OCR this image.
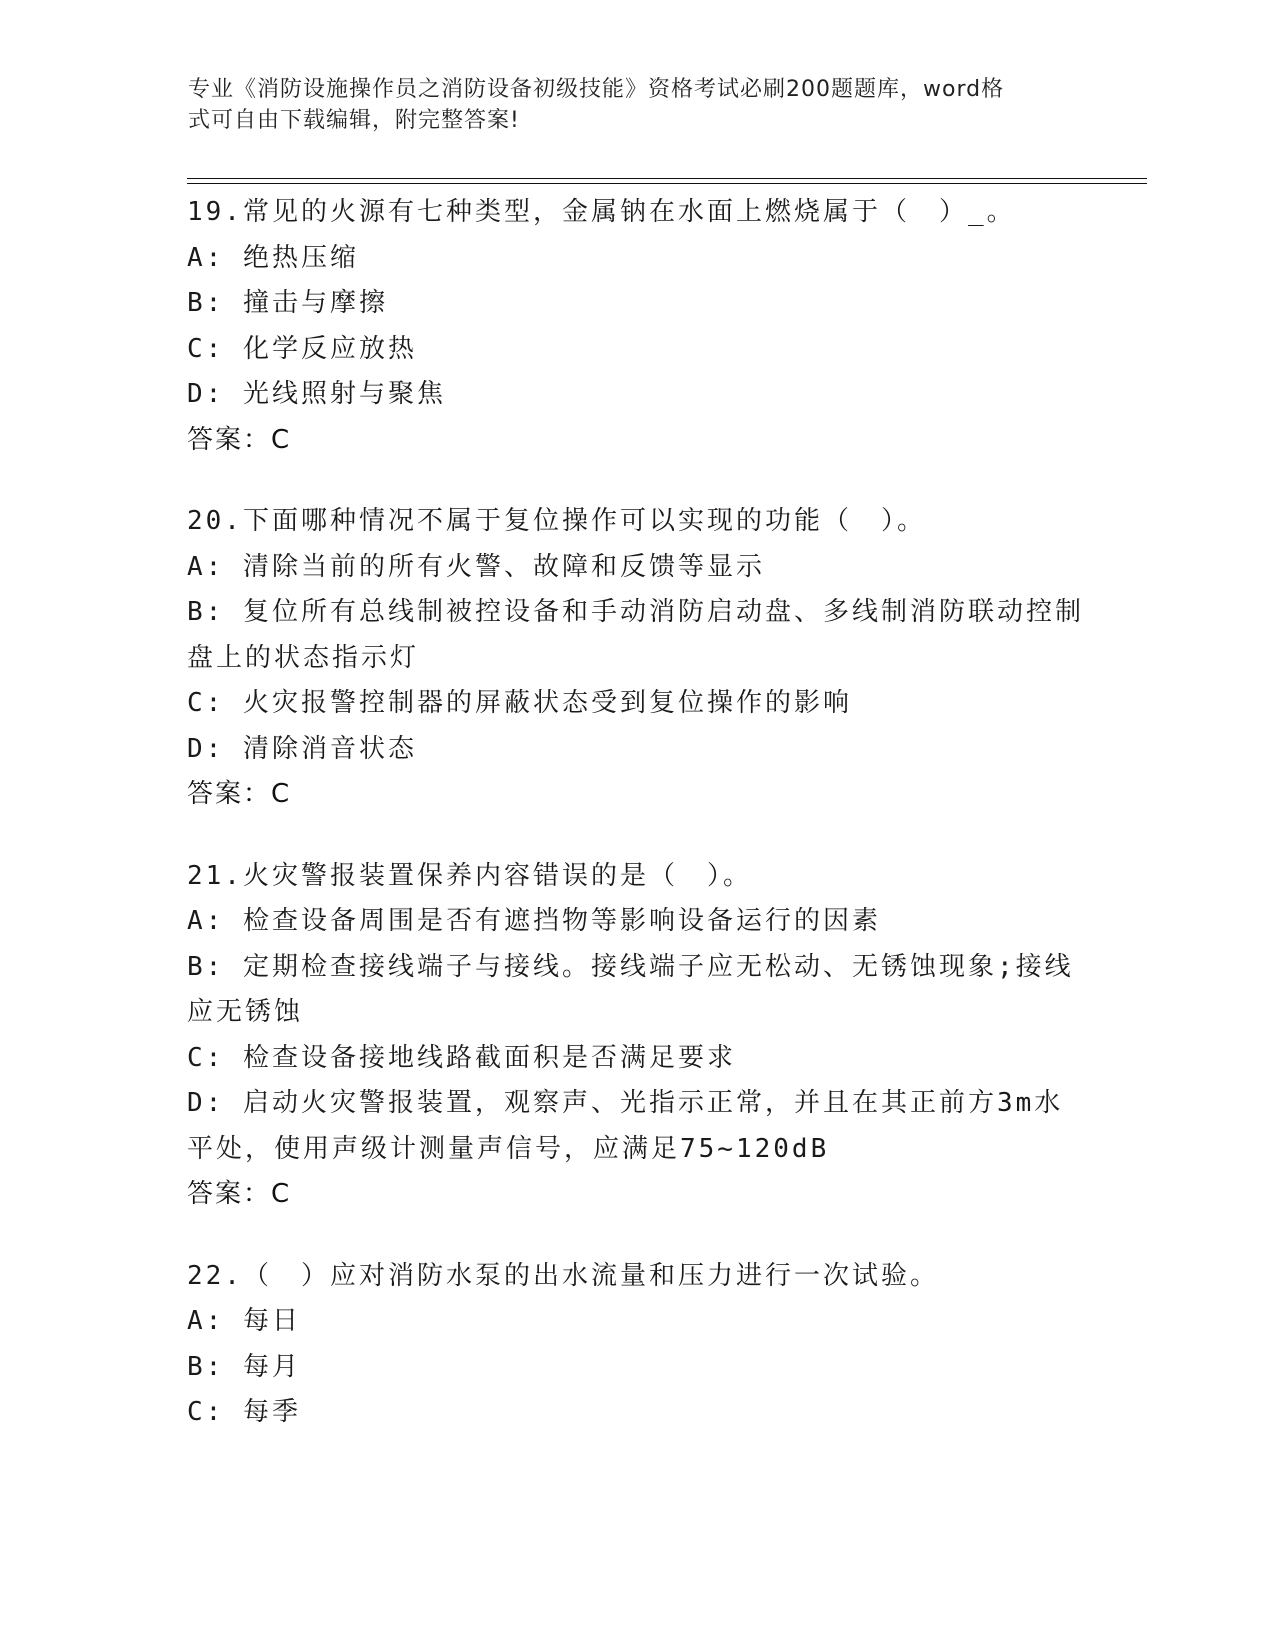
专业《消防设施操作员之消防设备初级技能》资格考试必刷200题题库，word格
式可自由下载编辑，附完整答案!
19.常见的火源有七种类型，金属钠在水面上燃烧属于（　）_。
A: 绝热压缩
B: 撞击与摩擦
C: 化学反应放热
D: 光线照射与聚焦
答案：C
20.下面哪种情况不属于复位操作可以实现的功能（　）。
A: 清除当前的所有火警、故障和反馈等显示
B: 复位所有总线制被控设备和手动消防启动盘、多线制消防联动控制盘上的状态指示灯
C: 火灾报警控制器的屏蔽状态受到复位操作的影响
D: 清除消音状态
答案：C
21.火灾警报装置保养内容错误的是（　）。
A: 检查设备周围是否有遮挡物等影响设备运行的因素
B: 定期检查接线端子与接线。接线端子应无松动、无锈蚀现象;接线应无锈蚀
C: 检查设备接地线路截面积是否满足要求
D: 启动火灾警报装置，观察声、光指示正常，并且在其正前方3m水平处，使用声级计测量声信号，应满足75~120dB
答案：C
22.（　）应对消防水泵的出水流量和压力进行一次试验。
A: 每日
B: 每月
C: 每季
